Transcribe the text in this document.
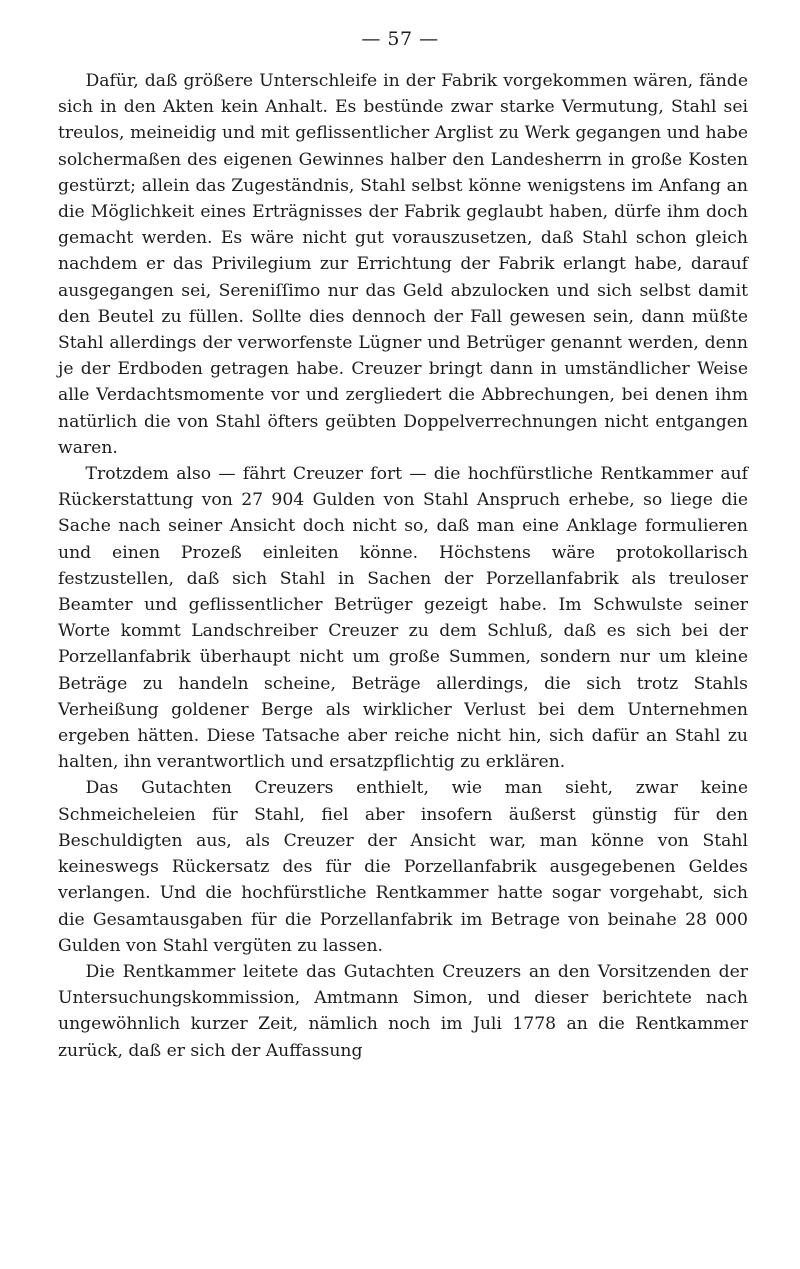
— 57 —

Dafür, daß größere Unterschleife in der Fabrik vorgekommen wären, fände sich in den Akten kein Anhalt. Es bestünde zwar starke Vermutung, Stahl sei treulos, meineidig und mit geflissentlicher Arglist zu Werk gegangen und habe solchermaßen des eigenen Gewinnes halber den Landesherrn in große Kosten gestürzt; allein das Zugeständnis, Stahl selbst könne wenigstens im Anfang an die Möglichkeit eines Erträgnisses der Fabrik geglaubt haben, dürfe ihm doch gemacht werden. Es wäre nicht gut vorauszusetzen, daß Stahl schon gleich nachdem er das Privilegium zur Errichtung der Fabrik erlangt habe, darauf ausgegangen sei, Sereniſſimo nur das Geld abzulocken und sich selbst damit den Beutel zu füllen. Sollte dies dennoch der Fall gewesen sein, dann müßte Stahl allerdings der verworfenste Lügner und Betrüger genannt werden, denn je der Erdboden getragen habe. Creuzer bringt dann in umständlicher Weise alle Verdachtsmomente vor und zergliedert die Abbrechungen, bei denen ihm natürlich die von Stahl öfters geübten Doppelverrechnungen nicht entgangen waren.

Trotzdem also — fährt Creuzer fort — die hochfürstliche Rentkammer auf Rückerstattung von 27 904 Gulden von Stahl Anspruch erhebe, so liege die Sache nach seiner Ansicht doch nicht so, daß man eine Anklage formulieren und einen Prozeß einleiten könne. Höchstens wäre protokollarisch festzustellen, daß sich Stahl in Sachen der Porzellanfabrik als treuloser Beamter und geflissentlicher Betrüger gezeigt habe. Im Schwulste seiner Worte kommt Landschreiber Creuzer zu dem Schluß, daß es sich bei der Porzellanfabrik überhaupt nicht um große Summen, sondern nur um kleine Beträge zu handeln scheine, Beträge allerdings, die sich trotz Stahls Verheißung goldener Berge als wirklicher Verlust bei dem Unternehmen ergeben hätten. Diese Tatsache aber reiche nicht hin, sich dafür an Stahl zu halten, ihn verantwortlich und ersatzpflichtig zu erklären.

Das Gutachten Creuzers enthielt, wie man sieht, zwar keine Schmeicheleien für Stahl, fiel aber insofern äußerst günstig für den Beschuldigten aus, als Creuzer der Ansicht war, man könne von Stahl keineswegs Rückersatz des für die Porzellanfabrik ausgegebenen Geldes verlangen. Und die hochfürstliche Rentkammer hatte sogar vorgehabt, sich die Gesamtausgaben für die Porzellanfabrik im Betrage von beinahe 28 000 Gulden von Stahl vergüten zu lassen.

Die Rentkammer leitete das Gutachten Creuzers an den Vorsitzenden der Untersuchungskommission, Amtmann Simon, und dieser berichtete nach ungewöhnlich kurzer Zeit, nämlich noch im Juli 1778 an die Rentkammer zurück, daß er sich der Auffassung
